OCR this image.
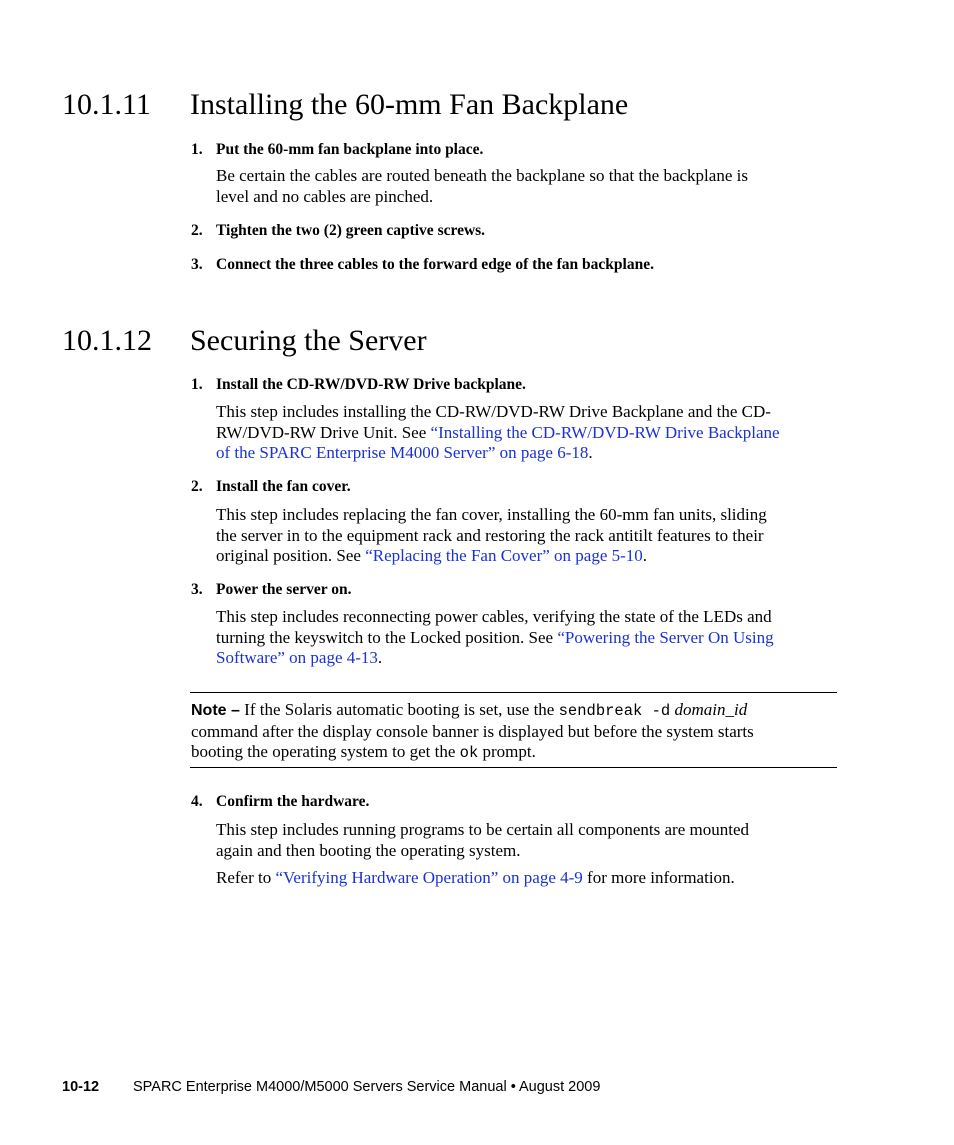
10.1.11 Installing the 60-mm Fan Backplane
1. Put the 60-mm fan backplane into place.
Be certain the cables are routed beneath the backplane so that the backplane is
level and no cables are pinched.
2. Tighten the two (2) green captive screws.
3. Connect the three cables to the forward edge of the fan backplane.
10.1.12 Securing the Server
1. Install the CD-RW/DVD-RW Drive backplane.
This step includes installing the CD-RW/DVD-RW Drive Backplane and the CD-
RW/DVD-RW Drive Unit. See “Installing the CD-RW/DVD-RW Drive Backplane
of the SPARC Enterprise M4000 Server” on page 6-18.
2. Install the fan cover.
This step includes replacing the fan cover, installing the 60-mm fan units, sliding
the server in to the equipment rack and restoring the rack antitilt features to their
original position. See “Replacing the Fan Cover” on page 5-10.
3. Power the server on.
This step includes reconnecting power cables, verifying the state of the LEDs and
turning the keyswitch to the Locked position. See “Powering the Server On Using
Software” on page 4-13.
Note – If the Solaris automatic booting is set, use the sendbreak -d domain_id
command after the display console banner is displayed but before the system starts
booting the operating system to get the ok prompt.
4. Confirm the hardware.
This step includes running programs to be certain all components are mounted
again and then booting the operating system.
Refer to “Verifying Hardware Operation” on page 4-9 for more information.
10-12 SPARC Enterprise M4000/M5000 Servers Service Manual • August 2009
